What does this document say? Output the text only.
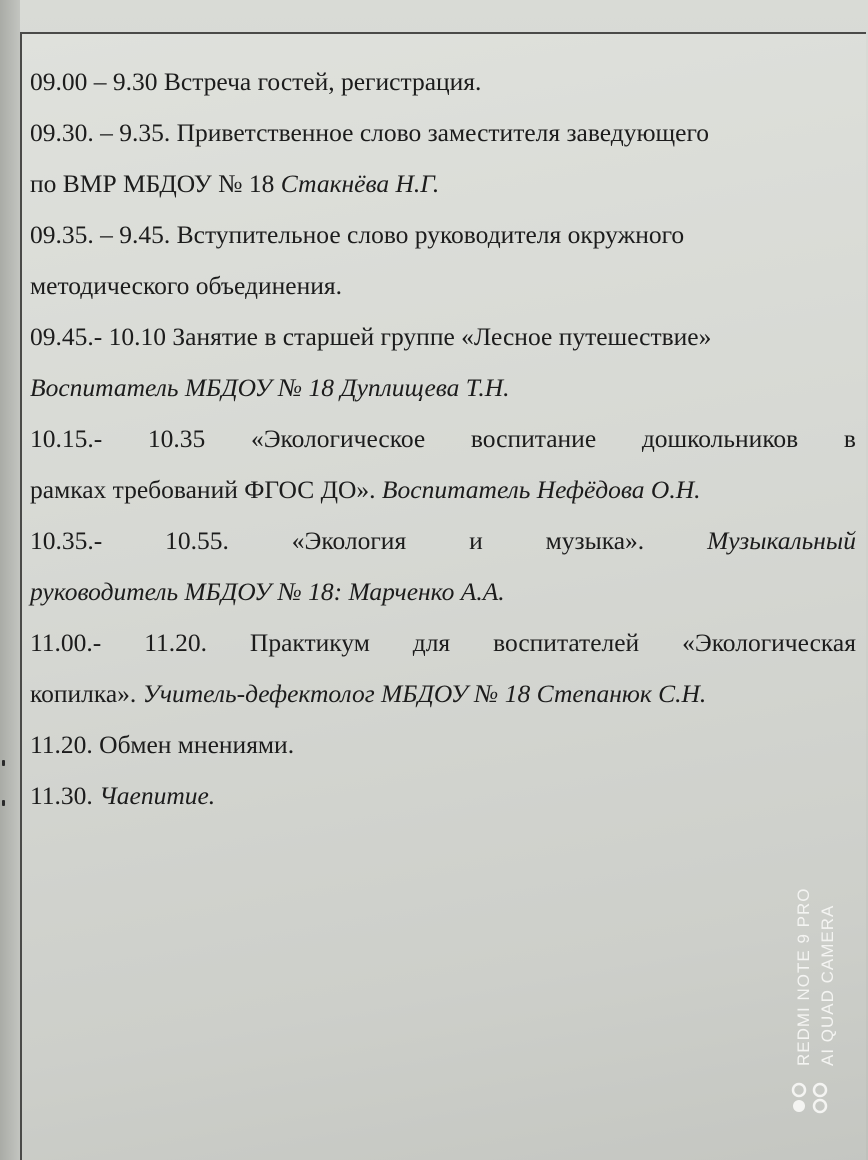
09.00 – 9.30 Встреча гостей, регистрация.
09.30. – 9.35. Приветственное слово заместителя заведующего
по ВМР МБДОУ № 18 Стакнёва Н.Г.
09.35. – 9.45. Вступительное слово руководителя окружного
методического объединения.
09.45.- 10.10 Занятие в старшей группе «Лесное путешествие»
Воспитатель МБДОУ № 18 Дуплищева Т.Н.
10.15.- 10.35 «Экологическое воспитание дошкольников в
рамках требований ФГОС ДО». Воспитатель Нефёдова О.Н.
10.35.- 10.55. «Экология и музыка». Музыкальный
руководитель МБДОУ № 18: Марченко А.А.
11.00.- 11.20. Практикум для воспитателей «Экологическая
копилка». Учитель-дефектолог МБДОУ № 18 Степанюк С.Н.
11.20. Обмен мнениями.
11.30. Чаепитие.
REDMI NOTE 9 PRO AI QUAD CAMERA
